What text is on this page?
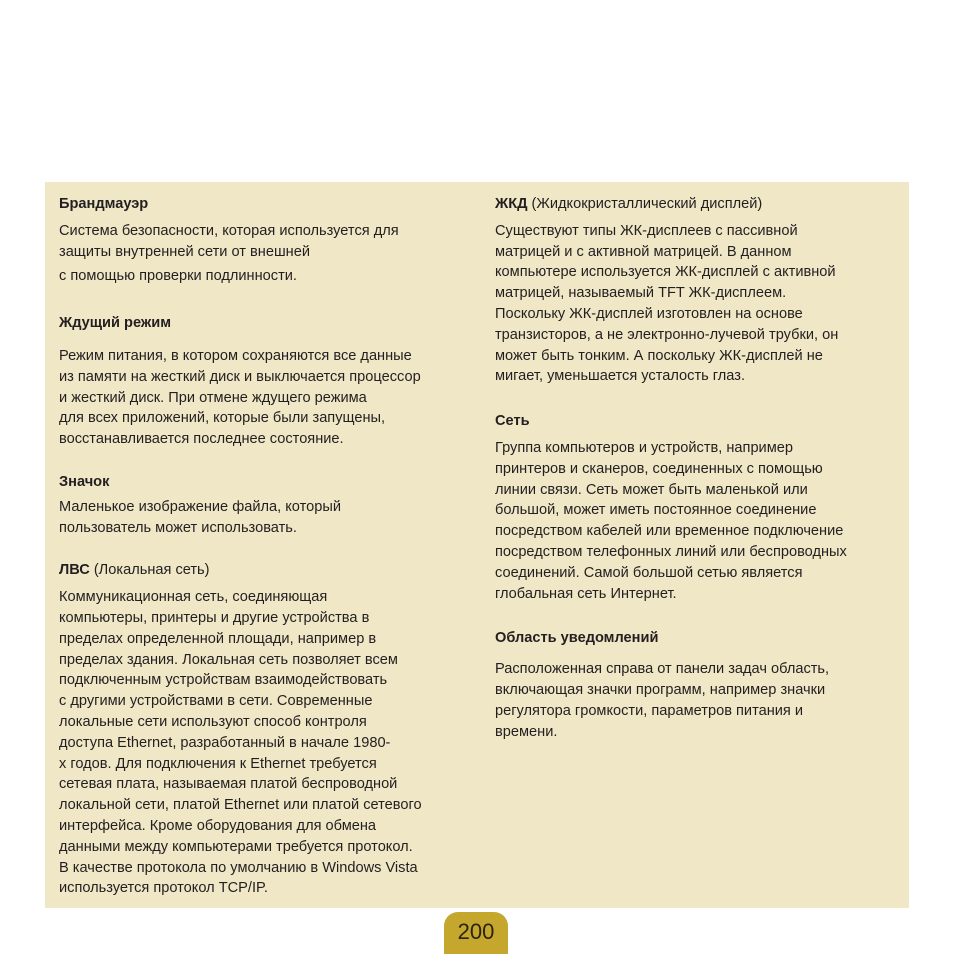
Брандмауэр
Система безопасности, которая используется для
защиты внутренней сети от внешней
с помощью проверки подлинности.
Ждущий режим
Режим питания, в котором сохраняются все данные
из памяти на жесткий диск и выключается процессор
и жесткий диск. При отмене ждущего режима
для всех приложений, которые были запущены,
восстанавливается последнее состояние.
Значок
Маленькое изображение файла, который
пользователь может использовать.
ЛВС (Локальная сеть)
Коммуникационная сеть, соединяющая
компьютеры, принтеры и другие устройства в
пределах определенной площади, например в
пределах здания. Локальная сеть позволяет всем
подключенным устройствам взаимодействовать
с другими устройствами в сети. Современные
локальные сети используют способ контроля
доступа Ethernet, разработанный в начале 1980-
х годов. Для подключения к Ethernet требуется
сетевая плата, называемая платой беспроводной
локальной сети, платой Ethernet или платой сетевого
интерфейса. Кроме оборудования для обмена
данными между компьютерами требуется протокол.
В качестве протокола по умолчанию в Windows Vista
используется протокол TCP/IP.
ЖКД (Жидкокристаллический дисплей)
Существуют типы ЖК-дисплеев с пассивной
матрицей и с активной матрицей. В данном
компьютере используется ЖК-дисплей с активной
матрицей, называемый TFT ЖК-дисплеем.
Поскольку ЖК-дисплей изготовлен на основе
транзисторов, а не электронно-лучевой трубки, он
может быть тонким. А поскольку ЖК-дисплей не
мигает, уменьшается усталость глаз.
Сеть
Группа компьютеров и устройств, например
принтеров и сканеров, соединенных с помощью
линии связи. Сеть может быть маленькой или
большой, может иметь постоянное соединение
посредством кабелей или временное подключение
посредством телефонных линий или беспроводных
соединений. Самой большой сетью является
глобальная сеть Интернет.
Область уведомлений
Расположенная справа от панели задач область,
включающая значки программ, например значки
регулятора громкости, параметров питания и
времени.
200
